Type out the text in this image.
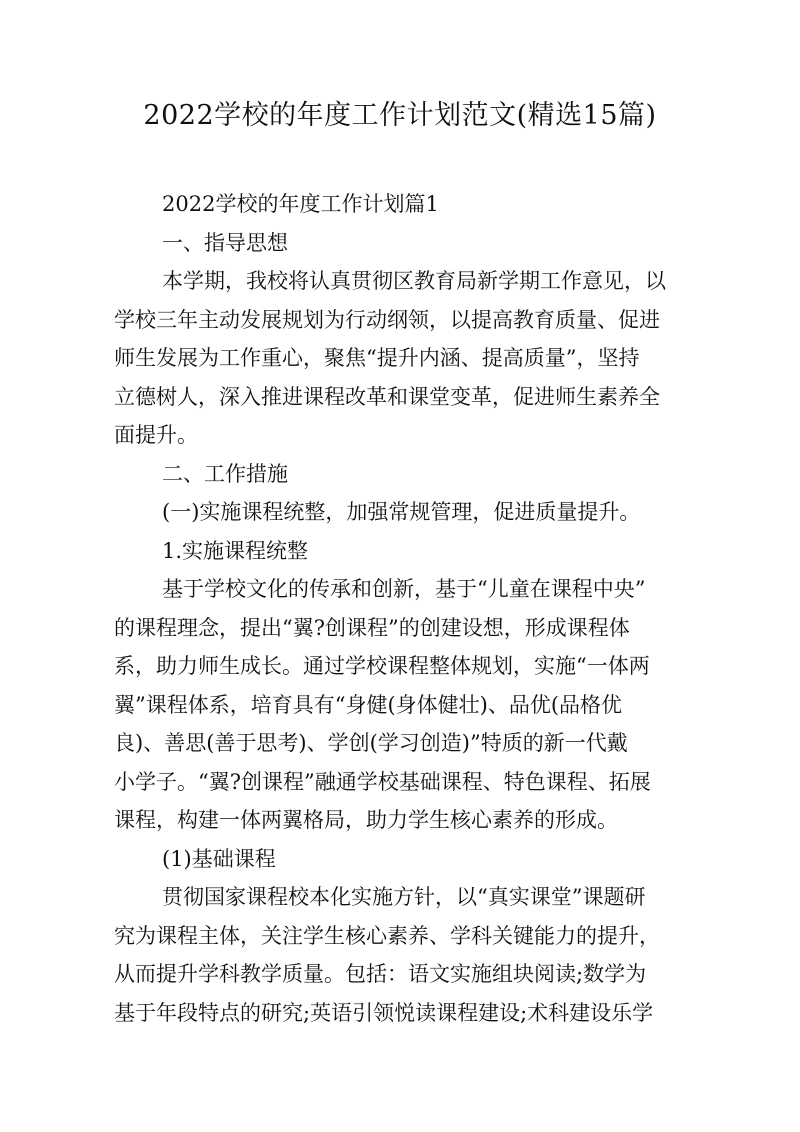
2022学校的年度工作计划范文(精选15篇)

2022学校的年度工作计划篇1

一、指导思想

本学期，我校将认真贯彻区教育局新学期工作意见，以

学校三年主动发展规划为行动纲领，以提高教育质量、促进

师生发展为工作重心，聚焦“提升内涵、提高质量”，坚持

立德树人，深入推进课程改革和课堂变革，促进师生素养全

面提升。

二、工作措施

(一)实施课程统整，加强常规管理，促进质量提升。

1.实施课程统整

基于学校文化的传承和创新，基于“儿童在课程中央”

的课程理念，提出“翼?创课程”的创建设想，形成课程体

系，助力师生成长。通过学校课程整体规划，实施“一体两

翼”课程体系，培育具有“身健(身体健壮)、品优(品格优

良)、善思(善于思考)、学创(学习创造)”特质的新一代戴

小学子。“翼?创课程”融通学校基础课程、特色课程、拓展

课程，构建一体两翼格局，助力学生核心素养的形成。

(1)基础课程

贯彻国家课程校本化实施方针，以“真实课堂”课题研

究为课程主体，关注学生核心素养、学科关键能力的提升，

从而提升学科教学质量。包括：语文实施组块阅读;数学为

基于年段特点的研究;英语引领悦读课程建设;术科建设乐学
